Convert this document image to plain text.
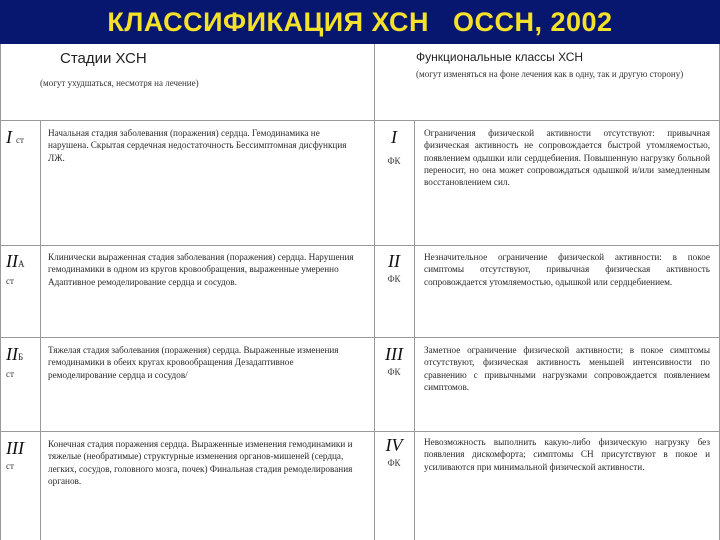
КЛАССИФИКАЦИЯ ХСН   ОССН, 2002
Стадии ХСН
(могут ухудшаться, несмотря на лечение)
Функциональные классы ХСН
(могут изменяться на фоне лечения как в одну, так и другую сторону)
Iст
Начальная стадия заболевания (поражения) сердца. Гемодинамика не нарушена. Скрытая сердечная недостаточность Бессимптомная дисфункция ЛЖ.
I
ФК
Ограничения физической активности отсутствуют: привычная физическая активность не сопровождается быстрой утомляемостью, появлением одышки или сердцебиения. Повышенную нагрузку больной переносит, но она может сопровождаться одышкой и/или замедленным восстановлением сил.
IIА
ст
Клинически выраженная стадия заболевания (поражения) сердца. Нарушения гемодинамики в одном из кругов кровообращения, выраженные умеренно Адаптивное ремоделирование сердца и сосудов.
II
ФК
Незначительное ограничение физической активности: в покое симптомы отсутствуют, привычная физическая активность сопровождается утомляемостью, одышкой или сердцебиением.
IIБ
ст
Тяжелая стадия заболевания (поражения) сердца. Выраженные изменения гемодинамики в обеих кругах кровообращения Дезадаптивное ремоделирование сердца и сосудов/
III
ФК
Заметное ограничение физической активности; в покое симптомы отсутствуют, физическая активность меньшей интенсивности по сравнению с привычными нагрузками сопровождается появлением симптомов.
III
ст
Конечная стадия поражения сердца. Выраженные изменения гемодинамики и тяжелые (необратимые) структурные изменения органов-мишеней (сердца, легких, сосудов, головного мозга, почек) Финальная стадия ремоделирования органов.
IV
ФК
Невозможность выполнить какую-либо физическую нагрузку без появления дискомфорта; симптомы СН присутствуют в покое и усиливаются при минимальной физической активности.
